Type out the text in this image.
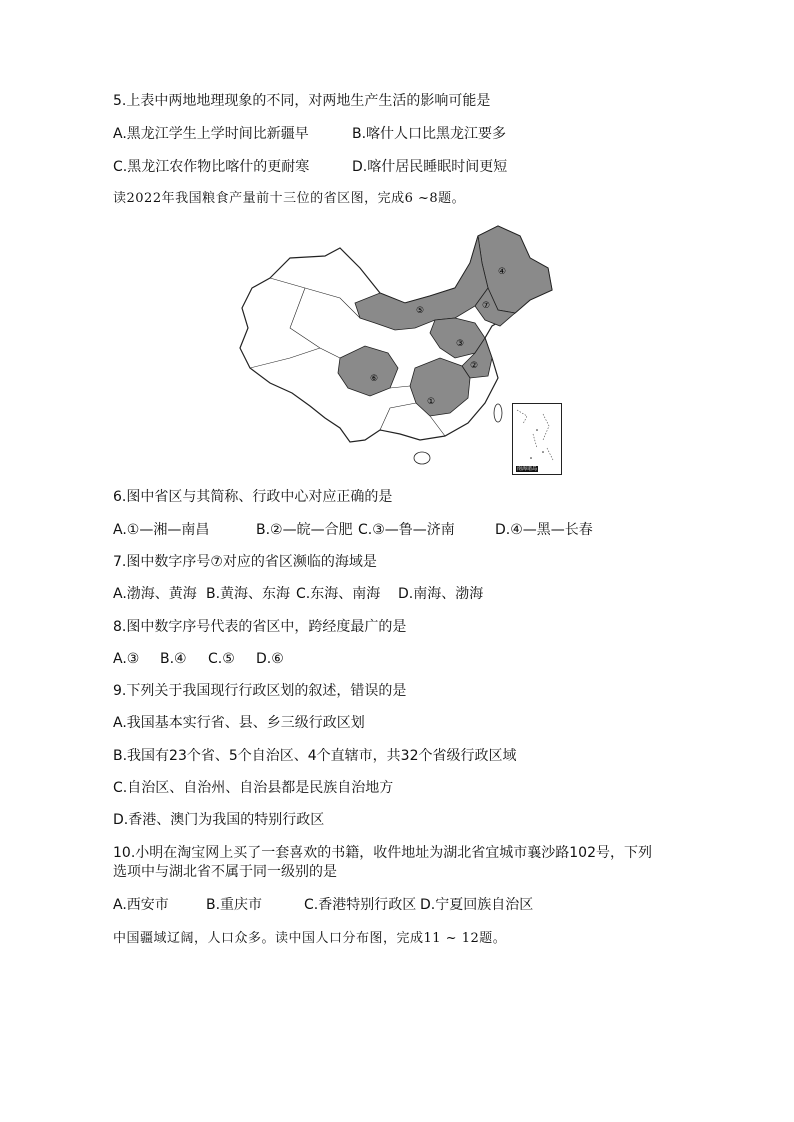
5.上表中两地地理现象的不同，对两地生产生活的影响可能是
A.黑龙江学生上学时间比新疆早	B.喀什人口比黑龙江要多
C.黑龙江农作物比喀什的更耐寒	D.喀什居民睡眠时间更短
读2022年我国粮食产量前十三位的省区图，完成6 ~8题。
①
②
③
④
⑤
⑥
⑦
南海诸岛
6.图中省区与其简称、行政中心对应正确的是
A.①—湘—南昌	B.②—皖—合肥 C.③—鲁—济南	D.④—黑—长春
7.图中数字序号⑦对应的省区濒临的海域是
A.渤海、黄海 B.黄海、东海 C.东海、南海 D.南海、渤海
8.图中数字序号代表的省区中，跨经度最广的是
A.③ B.④ C.⑤ D.⑥
9.下列关于我国现行行政区划的叙述，错误的是
A.我国基本实行省、县、乡三级行政区划
B.我国有23个省、5个自治区、4个直辖市，共32个省级行政区域
C.自治区、自治州、自治县都是民族自治地方
D.香港、澳门为我国的特别行政区
10.小明在淘宝网上买了一套喜欢的书籍，收件地址为湖北省宜城市襄沙路102号，下列
选项中与湖北省不属于同一级别的是
A.西安市	B.重庆市	C.香港特别行政区 D.宁夏回族自治区
中国疆域辽阔，人口众多。读中国人口分布图，完成11 ~ 12题。
